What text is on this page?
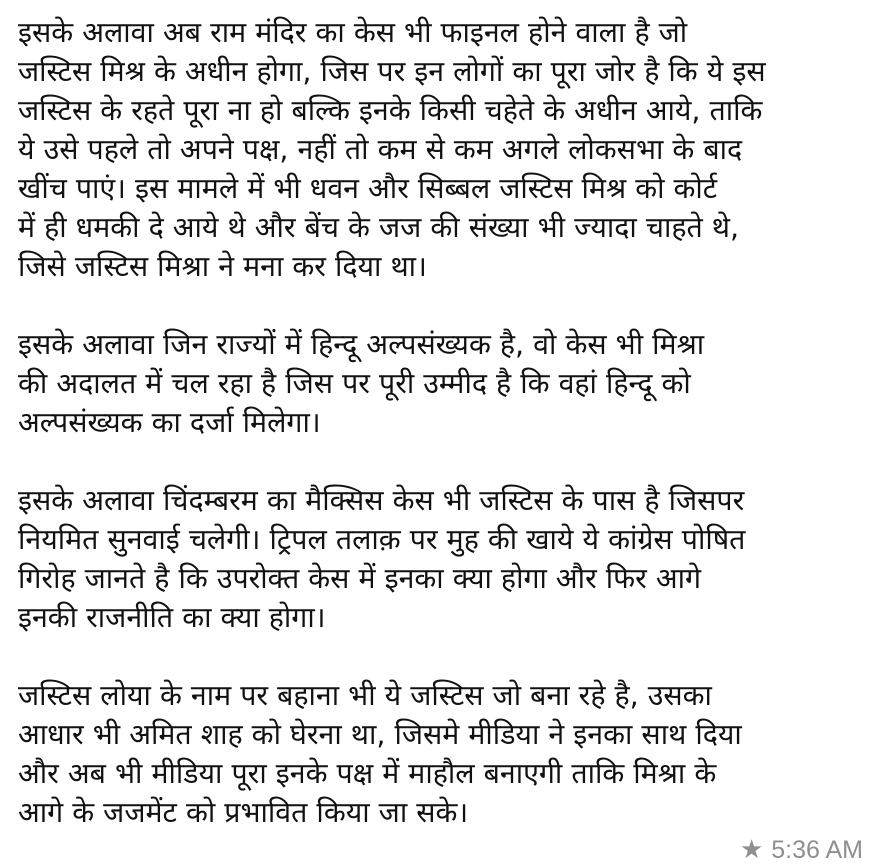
इसके अलावा अब राम मंदिर का केस भी फाइनल होने वाला है जो
जस्टिस मिश्र के अधीन होगा, जिस पर इन लोगों का पूरा जोर है कि ये इस
जस्टिस के रहते पूरा ना हो बल्कि इनके किसी चहेते के अधीन आये, ताकि
ये उसे पहले तो अपने पक्ष, नहीं तो कम से कम अगले लोकसभा के बाद
खींच पाएं। इस मामले में भी धवन और सिब्बल जस्टिस मिश्र को कोर्ट
में ही धमकी दे आये थे और बेंच के जज की संख्या भी ज्यादा चाहते थे,
जिसे जस्टिस मिश्रा ने मना कर दिया था।

इसके अलावा जिन राज्यों में हिन्दू अल्पसंख्यक है, वो केस भी मिश्रा
की अदालत में चल रहा है जिस पर पूरी उम्मीद है कि वहां हिन्दू को
अल्पसंख्यक का दर्जा मिलेगा।

इसके अलावा चिंदम्बरम का मैक्सिस केस भी जस्टिस के पास है जिसपर
नियमित सुनवाई चलेगी। ट्रिपल तलाक़ पर मुह की खाये ये कांग्रेस पोषित
गिरोह जानते है कि उपरोक्त केस में इनका क्या होगा और फिर आगे
इनकी राजनीति का क्या होगा।

जस्टिस लोया के नाम पर बहाना भी ये जस्टिस जो बना रहे है, उसका
आधार भी अमित शाह को घेरना था, जिसमे मीडिया ने इनका साथ दिया
और अब भी मीडिया पूरा इनके पक्ष में माहौल बनाएगी ताकि मिश्रा के
आगे के जजमेंट को प्रभावित किया जा सके।

★ 5:36 AM
